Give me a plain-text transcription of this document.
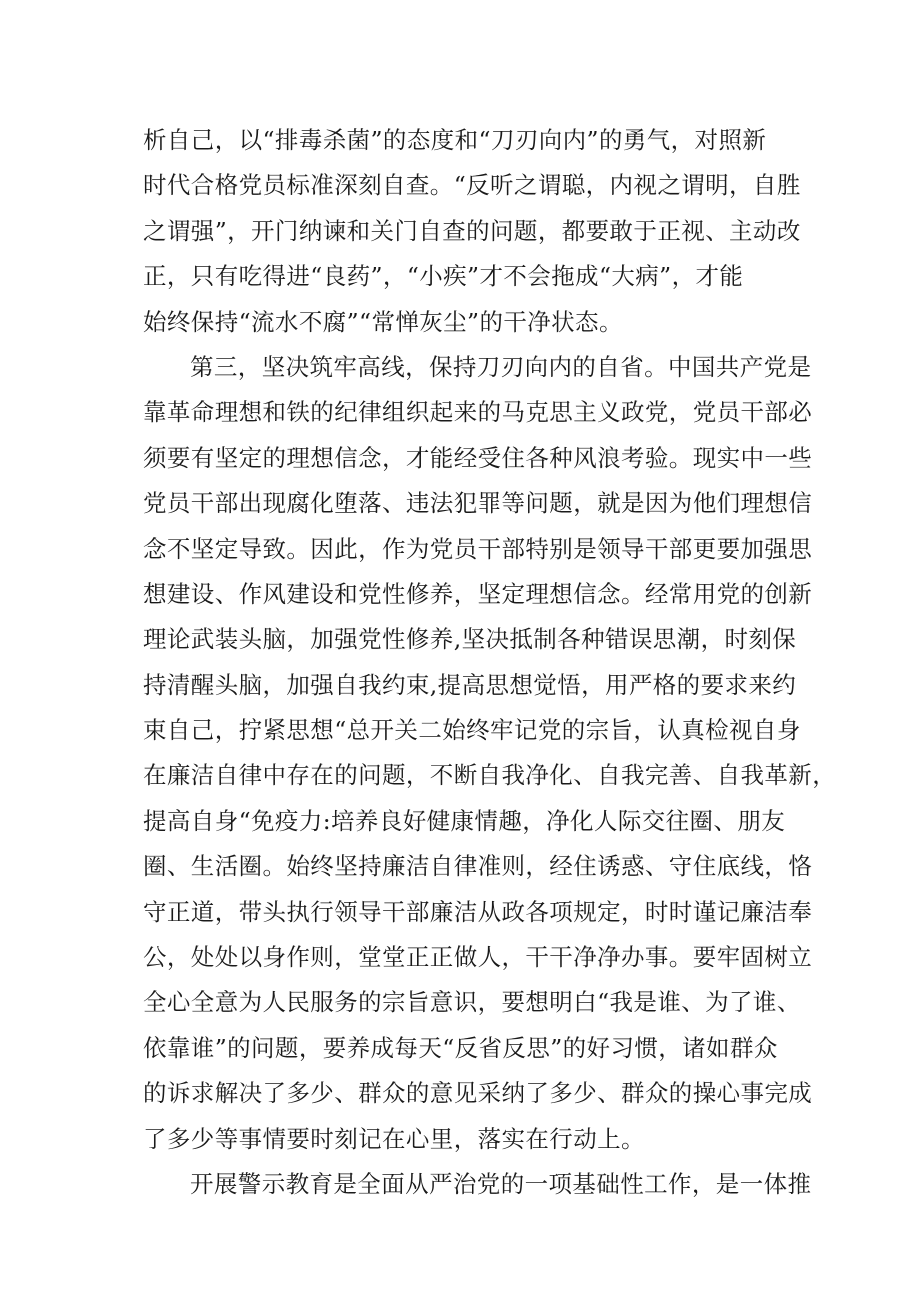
析自己，以“排毒杀菌”的态度和“刀刃向内”的勇气，对照新
时代合格党员标准深刻自查。“反听之谓聪，内视之谓明，自胜
之谓强”，开门纳谏和关门自查的问题，都要敢于正视、主动改
正，只有吃得进“良药”，“小疾”才不会拖成“大病”，才能
始终保持“流水不腐”“常惮灰尘”的干净状态。
第三，坚决筑牢高线，保持刀刃向内的自省。中国共产党是
靠革命理想和铁的纪律组织起来的马克思主义政党，党员干部必
须要有坚定的理想信念，才能经受住各种风浪考验。现实中一些
党员干部出现腐化堕落、违法犯罪等问题，就是因为他们理想信
念不坚定导致。因此，作为党员干部特别是领导干部更要加强思
想建设、作风建设和党性修养，坚定理想信念。经常用党的创新
理论武装头脑，加强党性修养,坚决抵制各种错误思潮，时刻保
持清醒头脑，加强自我约束,提高思想觉悟，用严格的要求来约
束自己，拧紧思想“总开关二始终牢记党的宗旨，认真检视自身
在廉洁自律中存在的问题，不断自我净化、自我完善、自我革新，
提高自身“免疫力:培养良好健康情趣，净化人际交往圈、朋友
圈、生活圈。始终坚持廉洁自律准则，经住诱惑、守住底线，恪
守正道，带头执行领导干部廉洁从政各项规定，时时谨记廉洁奉
公，处处以身作则，堂堂正正做人，干干净净办事。要牢固树立
全心全意为人民服务的宗旨意识，要想明白“我是谁、为了谁、
依靠谁”的问题，要养成每天“反省反思”的好习惯，诸如群众
的诉求解决了多少、群众的意见采纳了多少、群众的操心事完成
了多少等事情要时刻记在心里，落实在行动上。
开展警示教育是全面从严治党的一项基础性工作，是一体推
